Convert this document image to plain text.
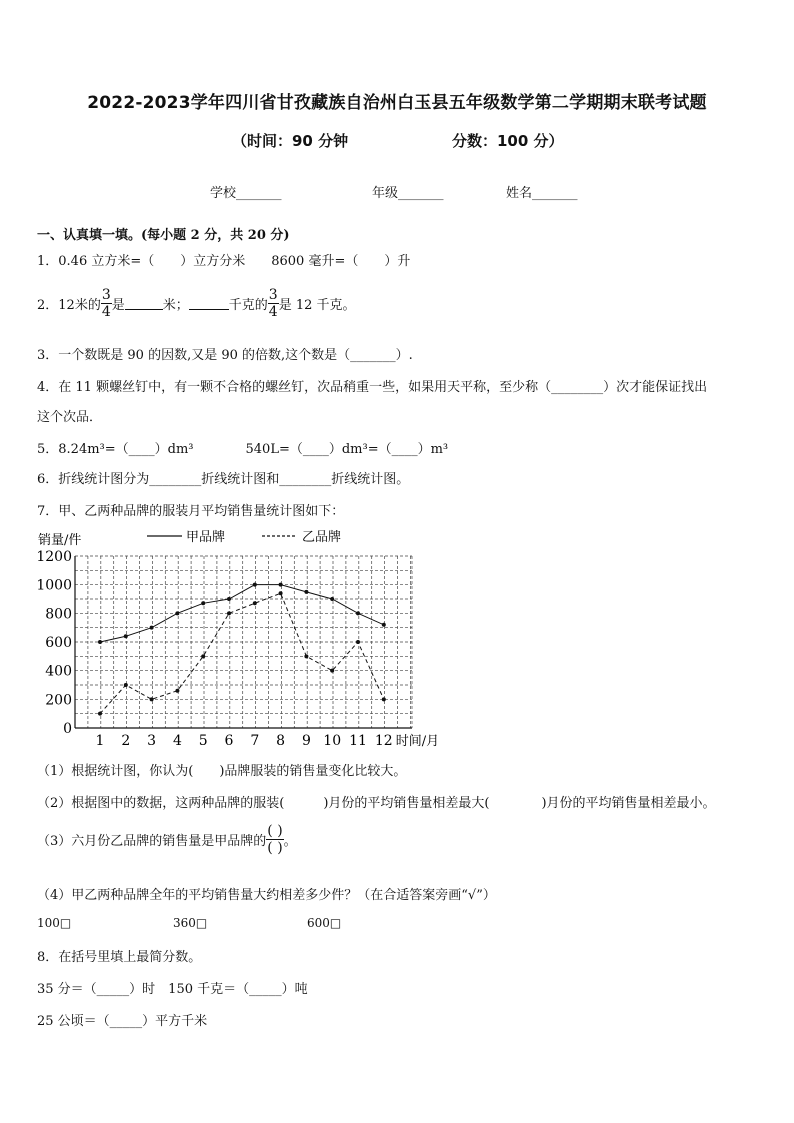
2022-2023学年四川省甘孜藏族自治州白玉县五年级数学第二学期期末联考试题
（时间：90 分钟	分数：100 分）
学校_______	年级_______	姓名_______
一、认真填一填。(每小题 2 分，共 20 分)
1．0.46 立方米=（　　）立方分米　　8600 毫升=（　　）升
2．12米的 $\frac{3}{4}$ 是	米；	千克的 $\frac{3}{4}$ 是 12 千克。
3．一个数既是 90 的因数,又是 90 的倍数,这个数是（_______）.
4．在 11 颗螺丝钉中，有一颗不合格的螺丝钉，次品稍重一些，如果用天平称，至少称（________）次才能保证找出
这个次品．
5．8.24m³=（____）dm³　　　　540L=（____）dm³=（____）m³
6．折线统计图分为________折线统计图和________折线统计图。
7．甲、乙两种品牌的服装月平均销售量统计图如下：
销量/件	甲品牌	乙品牌
0
200
400
600
800
1000
1200
1 2 3 4 5 6 7 8 9 10 11 12 时间/月
（1）根据统计图，你认为(　　)品牌服装的销售量变化比较大。
（2）根据图中的数据，这两种品牌的服装(　　　)月份的平均销售量相差最大(　　　　)月份的平均销售量相差最小。
（3）六月份乙品牌的销售量是甲品牌的 $\frac{( )}{( )}$ 。
（4）甲乙两种品牌全年的平均销售量大约相差多少件？（在合适答案旁画“√”）
100□	360□	600□
8．在括号里填上最简分数。
35 分＝（_____）时　150 千克＝（_____）吨
25 公顷＝（_____）平方千米
